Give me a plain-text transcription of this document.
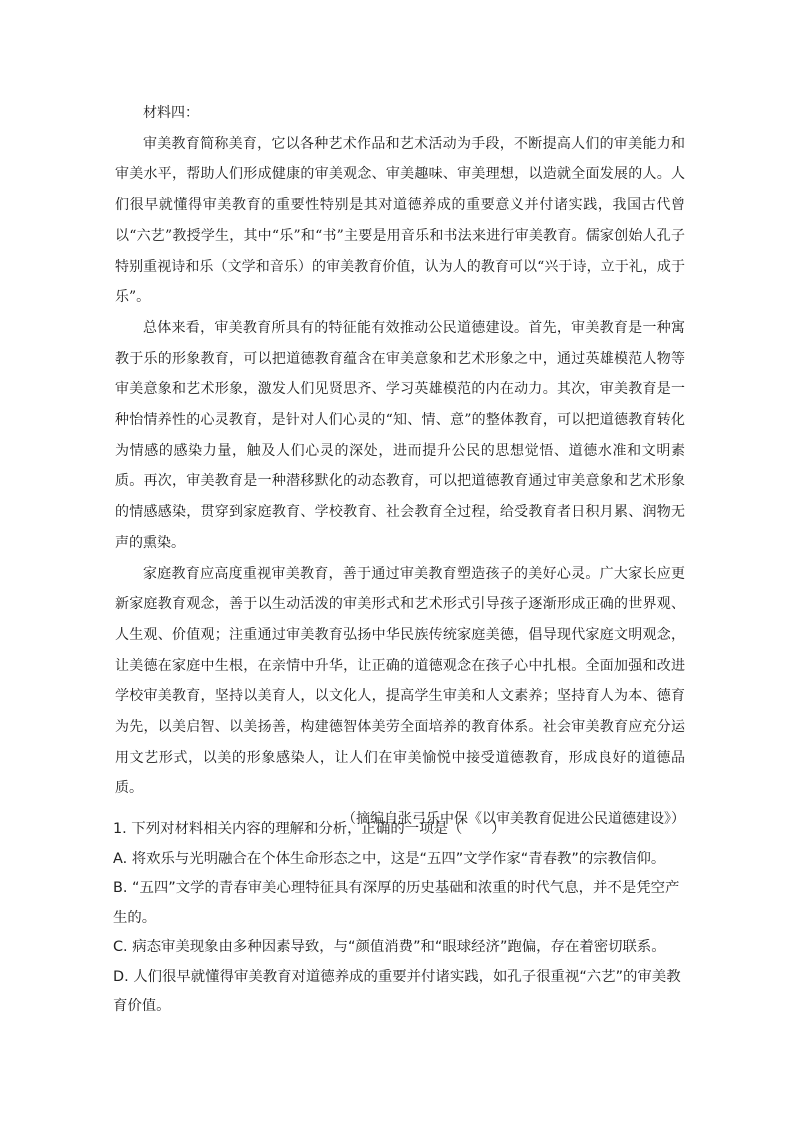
材料四：

审美教育简称美育，它以各种艺术作品和艺术活动为手段，不断提高人们的审美能力和审美水平，帮助人们形成健康的审美观念、审美趣味、审美理想，以造就全面发展的人。人们很早就懂得审美教育的重要性特别是其对道德养成的重要意义并付诸实践，我国古代曾以“六艺”教授学生，其中“乐”和“书”主要是用音乐和书法来进行审美教育。儒家创始人孔子特别重视诗和乐（文学和音乐）的审美教育价值，认为人的教育可以“兴于诗，立于礼，成于乐”。

总体来看，审美教育所具有的特征能有效推动公民道德建设。首先，审美教育是一种寓教于乐的形象教育，可以把道德教育蕴含在审美意象和艺术形象之中，通过英雄模范人物等审美意象和艺术形象，激发人们见贤思齐、学习英雄模范的内在动力。其次，审美教育是一种怡情养性的心灵教育，是针对人们心灵的“知、情、意”的整体教育，可以把道德教育转化为情感的感染力量，触及人们心灵的深处，进而提升公民的思想觉悟、道德水准和文明素质。再次，审美教育是一种潜移默化的动态教育，可以把道德教育通过审美意象和艺术形象的情感感染，贯穿到家庭教育、学校教育、社会教育全过程，给受教育者日积月累、润物无声的熏染。

家庭教育应高度重视审美教育，善于通过审美教育塑造孩子的美好心灵。广大家长应更新家庭教育观念，善于以生动活泼的审美形式和艺术形式引导孩子逐渐形成正确的世界观、人生观、价值观；注重通过审美教育弘扬中华民族传统家庭美德，倡导现代家庭文明观念，让美德在家庭中生根，在亲情中升华，让正确的道德观念在孩子心中扎根。全面加强和改进学校审美教育，坚持以美育人，以文化人，提高学生审美和人文素养；坚持育人为本、德育为先，以美启智、以美扬善，构建德智体美劳全面培养的教育体系。社会审美教育应充分运用文艺形式，以美的形象感染人，让人们在审美愉悦中接受道德教育，形成良好的道德品质。

（摘编自张弓乐中保《以审美教育促进公民道德建设》）

1. 下列对材料相关内容的理解和分析，正确的一项是（　　）

A. 将欢乐与光明融合在个体生命形态之中，这是“五四”文学作家“青春教”的宗教信仰。

B. “五四”文学的青春审美心理特征具有深厚的历史基础和浓重的时代气息，并不是凭空产生的。

C. 病态审美现象由多种因素导致，与“颜值消费”和“眼球经济”跑偏，存在着密切联系。

D. 人们很早就懂得审美教育对道德养成的重要并付诸实践，如孔子很重视“六艺”的审美教育价值。
